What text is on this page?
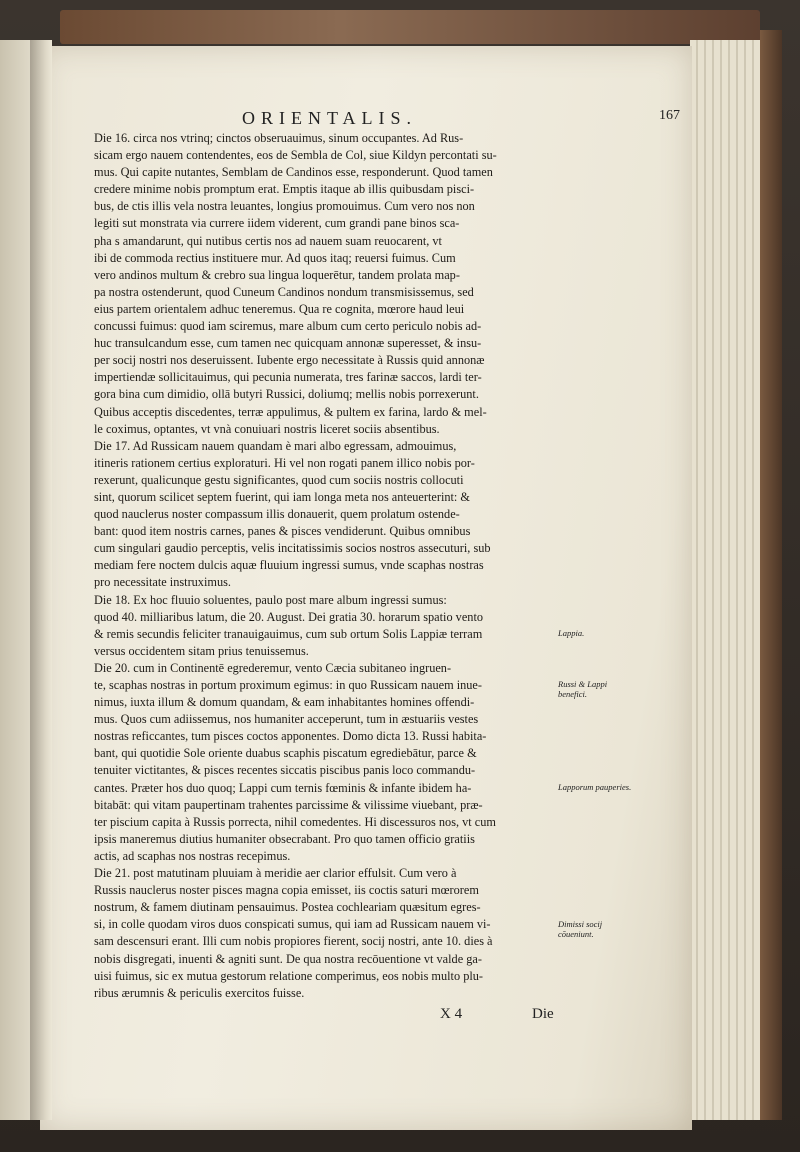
ORIENTALIS.	167
Die 16. circa nos vtrinq; cinctos obseruauimus, sinum occupantes. Ad Rus-
sicam ergo nauem contendentes, eos de Sembla de Col, siue Kildyn percontati su-
mus. Qui capite nutantes, Semblam de Candinos esse, responderunt. Quod tamen
credere minime nobis promptum erat. Emptis itaque ab illis quibusdam pisci-
bus, de ctis illis vela nostra leuantes, longius promouimus. Cum vero nos non
legiti sut monstrata via currere iidem viderent, cum grandi pane binos sca-
pha s amandarunt, qui nutibus certis nos ad nauem suam reuocarent, vt
ibi de commoda rectius instituere mur. Ad quos itaq; reuersi fuimus. Cum
vero andinos multum & crebro sua lingua loquerētur, tandem prolata map-
pa nostra ostenderunt, quod Cuneum Candinos nondum transmisissemus, sed
eius partem orientalem adhuc teneremus. Qua re cognita, mœrore haud leui
concussi fuimus: quod iam sciremus, mare album cum certo periculo nobis ad-
huc transulcandum esse, cum tamen nec quicquam annonæ superesset, & insu-
per socij nostri nos deseruissent. Iubente ergo necessitate à Russis quid annonæ
impertiendæ sollicitauimus, qui pecunia numerata, tres farinæ saccos, lardi ter-
gora bina cum dimidio, ollā butyri Russici, doliumq; mellis nobis porrexerunt.
Quibus acceptis discedentes, terræ appulimus, & pultem ex farina, lardo & mel-
le coximus, optantes, vt vnà conuiuari nostris liceret sociis absentibus.
Die 17. Ad Russicam nauem quandam è mari albo egressam, admouimus,
itineris rationem certius exploraturi. Hi vel non rogati panem illico nobis por-
rexerunt, qualicunque gestu significantes, quod cum sociis nostris collocuti
sint, quorum scilicet septem fuerint, qui iam longa meta nos anteuerterint: &
quod nauclerus noster compassum illis donauerit, quem prolatum ostende-
bant: quod item nostris carnes, panes & pisces vendiderunt. Quibus omnibus
cum singulari gaudio perceptis, velis incitatissimis socios nostros assecuturi, sub
mediam fere noctem dulcis aquæ fluuium ingressi sumus, vnde scaphas nostras
pro necessitate instruximus.
Die 18. Ex hoc fluuio soluentes, paulo post mare album ingressi sumus:
quod 40. milliaribus latum, die 20. August. Dei gratia 30. horarum spatio vento
& remis secundis feliciter tranauigauimus, cum sub ortum Solis Lappiæ terram
versus occidentem sitam prius tenuissemus.
Die 20. cum in Continentē egrederemur, vento Cæcia subitaneo ingruen-
te, scaphas nostras in portum proximum egimus: in quo Russicam nauem inue-
nimus, iuxta illum & domum quandam, & eam inhabitantes homines offendi-
mus. Quos cum adiissemus, nos humaniter acceperunt, tum in æstuariis vestes
nostras reficcantes, tum pisces coctos apponentes. Domo dicta 13. Russi habita-
bant, qui quotidie Sole oriente duabus scaphis piscatum egrediebātur, parce &
tenuiter victitantes, & pisces recentes siccatis piscibus panis loco commandu-
cantes. Præter hos duo quoq; Lappi cum ternis fœminis & infante ibidem ha-
bitabāt: qui vitam paupertinam trahentes parcissime & vilissime viuebant, præ-
ter piscium capita à Russis porrecta, nihil comedentes. Hi discessuros nos, vt cum
ipsis maneremus diutius humaniter obsecrabant. Pro quo tamen officio gratiis
actis, ad scaphas nos nostras recepimus.
Die 21. post matutinam pluuiam à meridie aer clarior effulsit. Cum vero à
Russis nauclerus noster pisces magna copia emisset, iis coctis saturi mœrorem
nostrum, & famem diutinam pensauimus. Postea cochleariam quæsitum egres-
si, in colle quodam viros duos conspicati sumus, qui iam ad Russicam nauem vi-
sam descensuri erant. Illi cum nobis propiores fierent, socij nostri, ante 10. dies à
nobis disgregati, inuenti & agniti sunt. De qua nostra recōuentione vt valde ga-
uisi fuimus, sic ex mutua gestorum relatione comperimus, eos nobis multo plu-
ribus ærumnis & periculis exercitos fuisse.
Lappia.
Russi & Lappi benefici.
Lapporum pauperies.
Dimissi socij cōueniunt.
X 4	Die
